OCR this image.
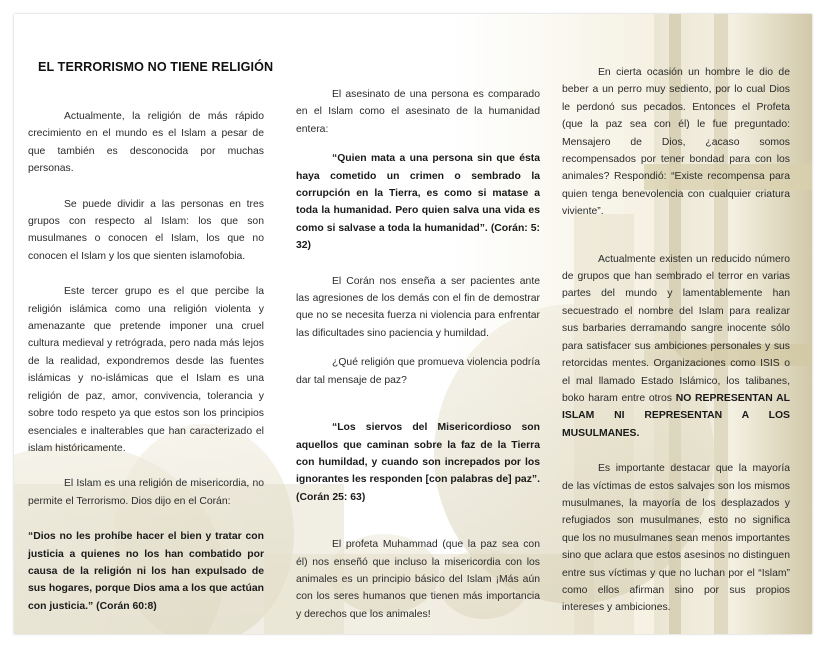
EL TERRORISMO NO TIENE RELIGIÓN

Actualmente, la religión de más rápido crecimiento en el mundo es el Islam a pesar de que también es desconocida por muchas personas.

Se puede dividir a las personas en tres grupos con respecto al Islam: los que son musulmanes o conocen el Islam, los que no conocen el Islam y los que sienten islamofobia.

Este tercer grupo es el que percibe la religión islámica como una religión violenta y amenazante que pretende imponer una cruel cultura medieval y retrógrada, pero nada más lejos de la realidad, expondremos desde las fuentes islámicas y no-islámicas que el Islam es una religión de paz, amor, convivencia, tolerancia y sobre todo respeto ya que estos son los principios esenciales e inalterables que han caracterizado el islam históricamente.

El Islam es una religión de misericordia, no permite el Terrorismo. Dios dijo en el Corán:

“Dios no les prohíbe hacer el bien y tratar con justicia a quienes no los han combatido por causa de la religión ni los han expulsado de sus hogares, porque Dios ama a los que actúan con justicia.” (Corán 60:8)

El asesinato de una persona es comparado en el Islam como el asesinato de la humanidad entera:

“Quien mata a una persona sin que ésta haya cometido un crimen o sembrado la corrupción en la Tierra, es como si matase a toda la humanidad. Pero quien salva una vida es como si salvase a toda la humanidad”. (Corán: 5: 32)

El Corán nos enseña a ser pacientes ante las agresiones de los demás con el fin de demostrar que no se necesita fuerza ni violencia para enfrentar las dificultades sino paciencia y humildad.

¿Qué religión que promueva violencia podría dar tal mensaje de paz?

“Los siervos del Misericordioso son aquellos que caminan sobre la faz de la Tierra con humildad, y cuando son increpados por los ignorantes les responden [con palabras de] paz”. (Corán 25: 63)

El profeta Muhammad (que la paz sea con él) nos enseñó que incluso la misericordia con los animales es un principio básico del Islam ¡Más aún con los seres humanos que tienen más importancia y derechos que los animales!

En cierta ocasión un hombre le dio de beber a un perro muy sediento, por lo cual Dios le perdonó sus pecados. Entonces el Profeta (que la paz sea con él) le fue preguntado: Mensajero de Dios, ¿acaso somos recompensados por tener bondad para con los animales? Respondió: “Existe recompensa para quien tenga benevolencia con cualquier criatura viviente”.

Actualmente existen un reducido número de grupos que han sembrado el terror en varias partes del mundo y lamentablemente han secuestrado el nombre del Islam para realizar sus barbaries derramando sangre inocente sólo para satisfacer sus ambiciones personales y sus retorcidas mentes. Organizaciones como ISIS o el mal llamado Estado Islámico, los talibanes, boko haram entre otros NO REPRESENTAN AL ISLAM NI REPRESENTAN A LOS MUSULMANES.

Es importante destacar que la mayoría de las víctimas de estos salvajes son los mismos musulmanes, la mayoría de los desplazados y refugiados son musulmanes, esto no significa que los no musulmanes sean menos importantes sino que aclara que estos asesinos no distinguen entre sus víctimas y que no luchan por el “Islam” como ellos afirman sino por sus propios intereses y ambiciones.
